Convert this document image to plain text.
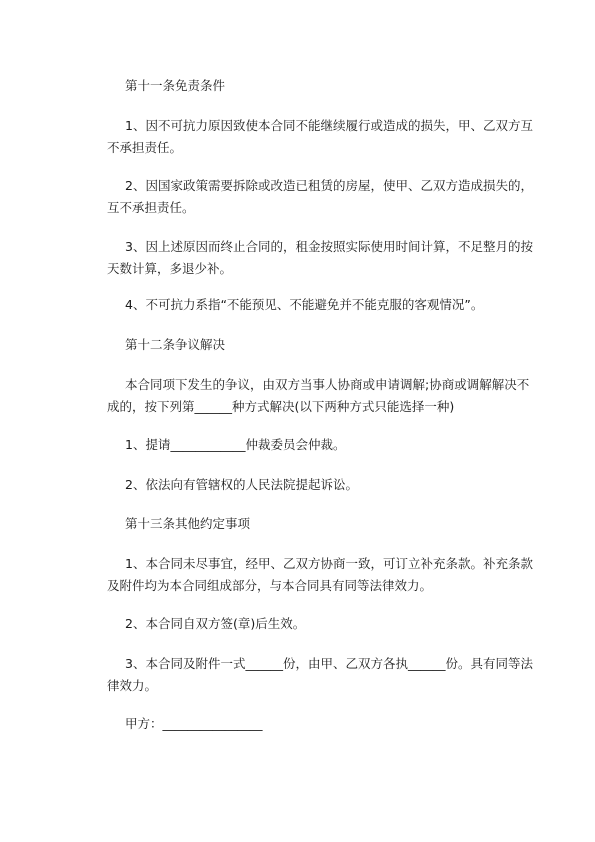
第十一条免责条件

1、因不可抗力原因致使本合同不能继续履行或造成的损失，甲、乙双方互
不承担责任。

2、因国家政策需要拆除或改造已租赁的房屋，使甲、乙双方造成损失的，
互不承担责任。

3、因上述原因而终止合同的，租金按照实际使用时间计算，不足整月的按
天数计算，多退少补。

4、不可抗力系指“不能预见、不能避免并不能克服的客观情况”。

第十二条争议解决

本合同项下发生的争议，由双方当事人协商或申请调解;协商或调解解决不
成的，按下列第______种方式解决(以下两种方式只能选择一种)

1、提请____________仲裁委员会仲裁。

2、依法向有管辖权的人民法院提起诉讼。

第十三条其他约定事项

1、本合同未尽事宜，经甲、乙双方协商一致，可订立补充条款。补充条款
及附件均为本合同组成部分，与本合同具有同等法律效力。

2、本合同自双方签(章)后生效。

3、本合同及附件一式______份，由甲、乙双方各执______份。具有同等法
律效力。

甲方：________________
